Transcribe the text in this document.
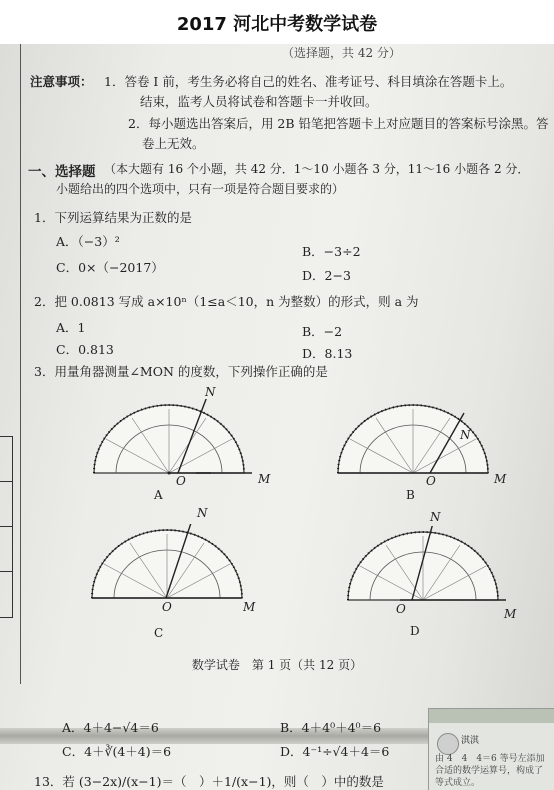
2017 河北中考数学试卷
（选择题，共 42 分）
注意事项： 1．答卷 I 前，考生务必将自己的姓名、准考证号、科目填涂在答题卡上。
结束，监考人员将试卷和答题卡一并收回。
2．每小题选出答案后，用 2B 铅笔把答题卡上对应题目的答案标号涂黑。答
卷上无效。
一、选择题 （本大题有 16 个小题，共 42 分．1～10 小题各 3 分，11～16 小题各 2 分．
小题给出的四个选项中，只有一项是符合题目要求的）
1．下列运算结果为正数的是
A．（−3）²
B．−3÷2
C．0×（−2017）
D．2−3
2．把 0.0813 写成 a×10ⁿ（1≤a＜10，n 为整数）的形式，则 a 为
A．1	B．−2
C．0.813	D．8.13
3．用量角器测量∠MON 的度数，下列操作正确的是
N
O	M
A
N
O	M
B
N
O	M
C
N
O	M
D
数学试卷　第 1 页（共 12 页）
A．4＋4−√4＝6	B．4＋4⁰＋4⁰＝6
C．4＋∛(4＋4)＝6	D．4⁻¹÷√4＋4＝6
13．若 (3−2x)/(x−1)＝（　）＋1/(x−1)，则（　）中的数是
淇淇
由 4　4　4＝6 等号左添加合适的数学运算号，构成了等式成立。
